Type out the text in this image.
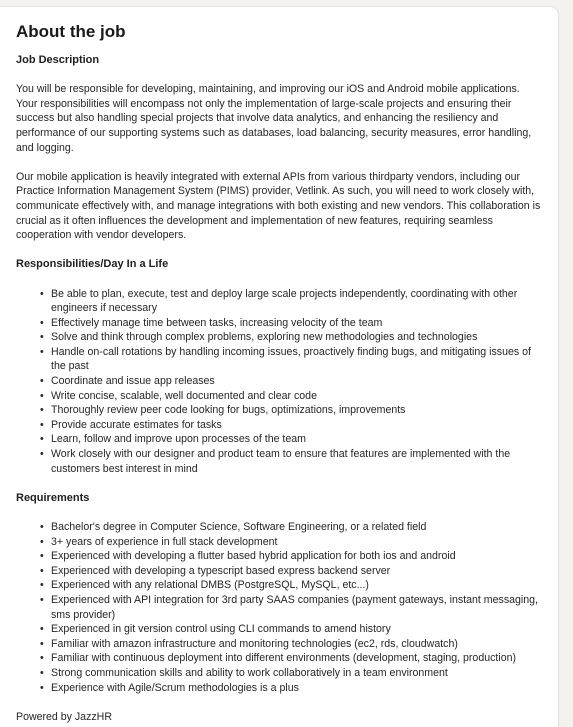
About the job
Job Description

You will be responsible for developing, maintaining, and improving our iOS and Android mobile applications. Your responsibilities will encompass not only the implementation of large-scale projects and ensuring their success but also handling special projects that involve data analytics, and enhancing the resiliency and performance of our supporting systems such as databases, load balancing, security measures, error handling, and logging.

Our mobile application is heavily integrated with external APIs from various thirdparty vendors, including our Practice Information Management System (PIMS) provider, Vetlink. As such, you will need to work closely with, communicate effectively with, and manage integrations with both existing and new vendors. This collaboration is crucial as it often influences the development and implementation of new features, requiring seamless cooperation with vendor developers.

Responsibilities/Day In a Life
• Be able to plan, execute, test and deploy large scale projects independently, coordinating with other engineers if necessary
• Effectively manage time between tasks, increasing velocity of the team
• Solve and think through complex problems, exploring new methodologies and technologies
• Handle on-call rotations by handling incoming issues, proactively finding bugs, and mitigating issues of the past
• Coordinate and issue app releases
• Write concise, scalable, well documented and clear code
• Thoroughly review peer code looking for bugs, optimizations, improvements
• Provide accurate estimates for tasks
• Learn, follow and improve upon processes of the team
• Work closely with our designer and product team to ensure that features are implemented with the customers best interest in mind
Requirements
• Bachelor's degree in Computer Science, Software Engineering, or a related field
• 3+ years of experience in full stack development
• Experienced with developing a flutter based hybrid application for both ios and android
• Experienced with developing a typescript based express backend server
• Experienced with any relational DMBS (PostgreSQL, MySQL, etc...)
• Experienced with API integration for 3rd party SAAS companies (payment gateways, instant messaging, sms provider)
• Experienced in git version control using CLI commands to amend history
• Familiar with amazon infrastructure and monitoring technologies (ec2, rds, cloudwatch)
• Familiar with continuous deployment into different environments (development, staging, production)
• Strong communication skills and ability to work collaboratively in a team environment
• Experience with Agile/Scrum methodologies is a plus
Powered by JazzHR
